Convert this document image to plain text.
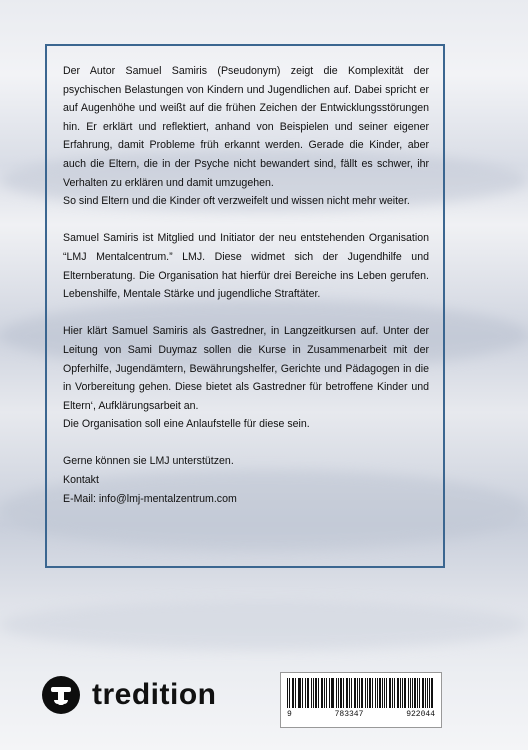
Der Autor Samuel Samiris (Pseudonym) zeigt die Komplexität der psychischen Belastungen von Kindern und Jugendlichen auf. Dabei spricht er auf Augenhöhe und weißt auf die frühen Zeichen der Entwicklungsstörungen hin. Er erklärt und reflektiert, anhand von Beispielen und seiner eigener Erfahrung, damit Probleme früh erkannt werden. Gerade die Kinder, aber auch die Eltern, die in der Psyche nicht bewandert sind, fällt es schwer, ihr Verhalten zu erklären und damit umzugehen.

So sind Eltern und die Kinder oft verzweifelt und wissen nicht mehr weiter.

Samuel Samiris ist Mitglied und Initiator der neu entstehenden Organisation “LMJ Mentalcentrum.” LMJ. Diese widmet sich der Jugendhilfe und Elternberatung. Die Organisation hat hierfür drei Bereiche ins Leben gerufen. Lebenshilfe, Mentale Stärke und jugendliche Straftäter.

Hier klärt Samuel Samiris als Gastredner, in Langzeitkursen auf. Unter der Leitung von Sami Duymaz sollen die Kurse in Zusammenarbeit mit der Opferhilfe, Jugendämtern, Bewährungshelfer, Gerichte und Pädagogen in die in Vorbereitung gehen. Diese bietet als Gastredner für betroffene Kinder und Eltern‘, Aufklärungsarbeit an.

Die Organisation soll eine Anlaufstelle für diese sein.

Gerne können sie LMJ unterstützen.

Kontakt

E-Mail: info@lmj-mentalzentrum.com

tredition
9	783347	922044
